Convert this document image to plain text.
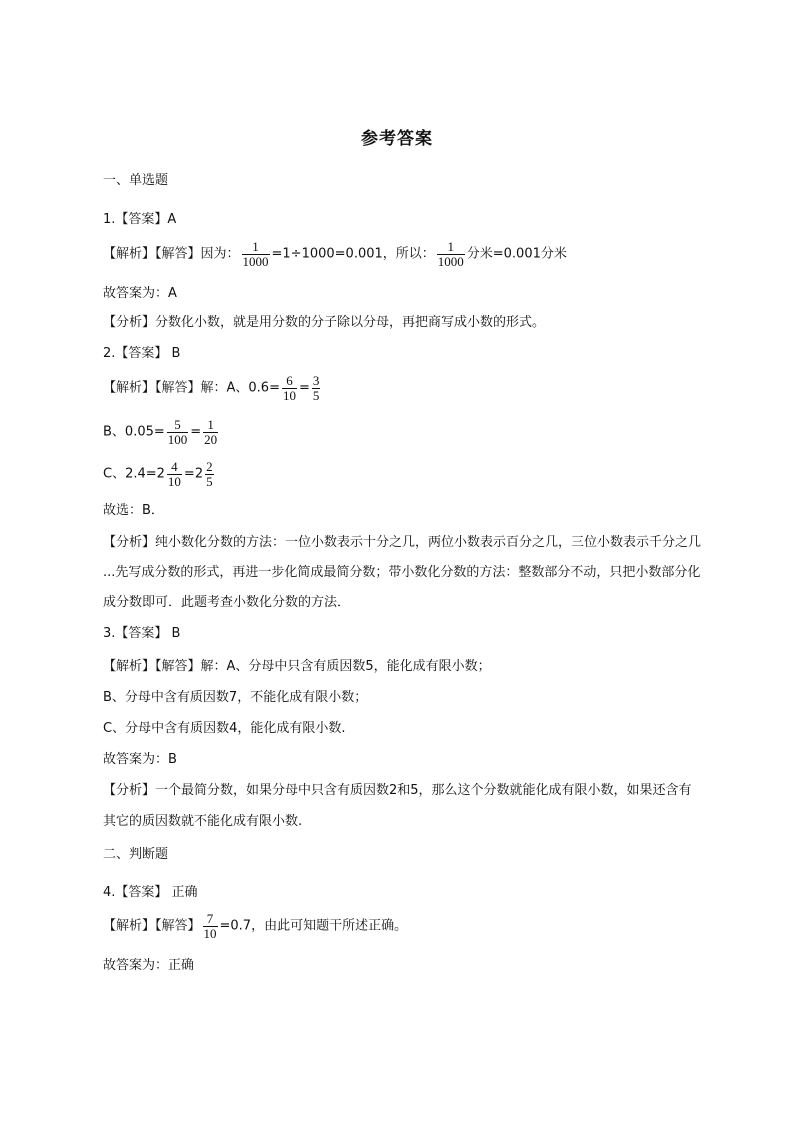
参考答案
一、单选题
1.【答案】A
【解析】【解答】因为： $\frac{1}{1000} =1\div 1000=0.001$，所以： $\frac{1}{1000}$ 分米=0.001分米
故答案为：A
【分析】分数化小数，就是用分数的分子除以分母，再把商写成小数的形式。
2.【答案】 B
【解析】【解答】解：A、$0.6= \frac{6}{10} = \frac{3}{5}$
B、$0.05= \frac{5}{100} = \frac{1}{20}$
C、$2.4=2 \frac{4}{10} =2 \frac{2}{5}$
故选：B．
【分析】纯小数化分数的方法：一位小数表示十分之几，两位小数表示百分之几，三位小数表示千分之几
...先写成分数的形式，再进一步化简成最简分数；带小数化分数的方法：整数部分不动，只把小数部分化
成分数即可．此题考查小数化分数的方法．
3.【答案】 B
【解析】【解答】解：A、分母中只含有质因数5，能化成有限小数；
B、分母中含有质因数7，不能化成有限小数；
C、分母中含有质因数4，能化成有限小数.
故答案为：B
【分析】一个最简分数，如果分母中只含有质因数2和5，那么这个分数就能化成有限小数，如果还含有
其它的质因数就不能化成有限小数.
二、判断题
4.【答案】 正确
【解析】【解答】 $\frac{7}{10} =0.7$，由此可知题干所述正确。
故答案为：正确
